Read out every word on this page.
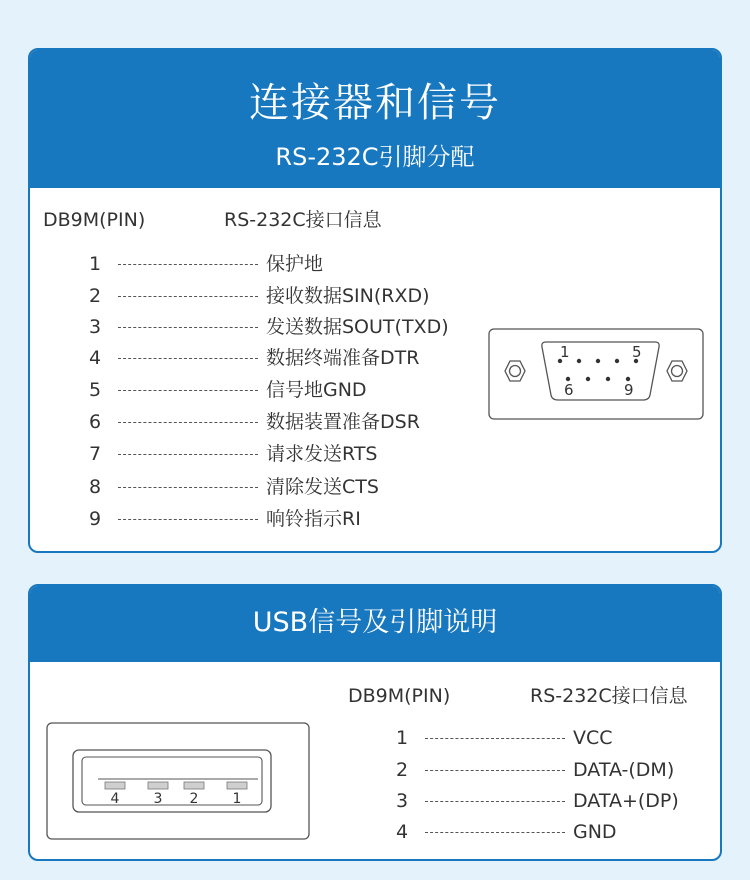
连接器和信号
RS-232C引脚分配
DB9M(PIN)	RS-232C接口信息
1	保护地
2	接收数据SIN(RXD)
3	发送数据SOUT(TXD)
4	数据终端准备DTR
5	信号地GND
6	数据装置准备DSR
7	请求发送RTS
8	清除发送CTS
9	响铃指示RI
1	5
6	9
USB信号及引脚说明
DB9M(PIN)	RS-232C接口信息
1	VCC
2	DATA-(DM)
3	DATA+(DP)
4	GND
4 3 2 1
